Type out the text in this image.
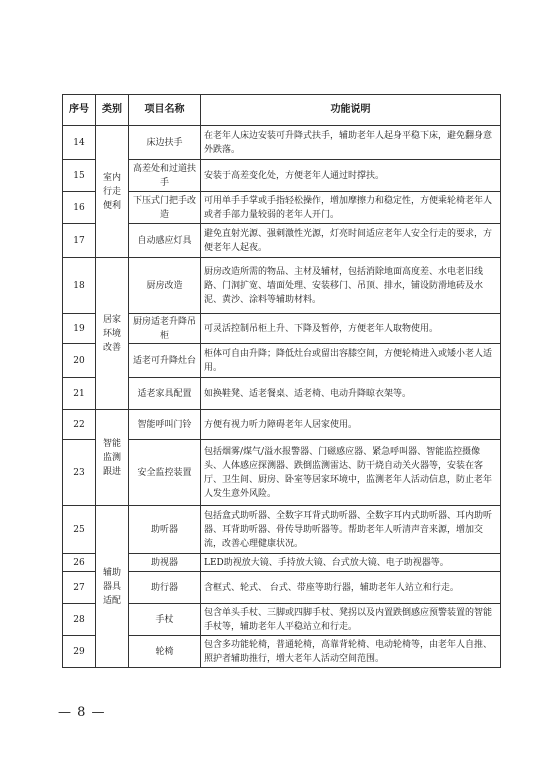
序号	类别	项目名称	功能说明
14	室内行走便利	床边扶手	在老年人床边安装可升降式扶手，辅助老年人起身平稳下床，避免翻身意外跌落。
15		高差处和过道扶手	安装于高差变化处，方便老年人通过时撑扶。
16		下压式门把手改造	可用单手手掌或手指轻松操作，增加摩擦力和稳定性，方便乘轮椅老年人或者手部力量较弱的老年人开门。
17		自动感应灯具	避免直射光源、强刺激性光源，灯亮时间适应老年人安全行走的要求，方便老年人起夜。
18	居家环境改善	厨房改造	厨房改造所需的物品、主材及辅材，包括消除地面高度差、水电老旧线路、门洞扩宽、墙面处理、安装移门、吊顶、排水，铺设防滑地砖及水泥、黄沙、涂料等辅助材料。
19		厨房适老升降吊柜	可灵活控制吊柜上升、下降及暂停，方便老年人取物使用。
20		适老可升降灶台	柜体可自由升降；降低灶台或留出容膝空间，方便轮椅进入或矮小老人适用。
21		适老家具配置	如换鞋凳、适老餐桌、适老椅、电动升降晾衣架等。
22	智能监测跟进	智能呼叫门铃	方便有视力听力障碍老年人居家使用。
23		安全监控装置	包括烟雾/煤气/溢水报警器、门磁感应器、紧急呼叫器、智能监控摄像头、人体感应探测器、跌倒监测雷达、防干烧自动关火器等，安装在客厅、卫生间、厨房、卧室等居家环境中，监测老年人活动信息，防止老年人发生意外风险。
25	辅助器具适配	助听器	包括盒式助听器、全数字耳背式助听器、全数字耳内式助听器、耳内助听器、耳背助听器、骨传导助听器等。帮助老年人听清声音来源，增加交流，改善心理健康状况。
26		助视器	LED助视放大镜、手持放大镜、台式放大镜、电子助视器等。
27		助行器	含框式、轮式、 台式、带座等助行器，辅助老年人站立和行走。
28		手杖	包含单头手杖、三脚或四脚手杖、凳拐以及内置跌倒感应预警装置的智能手杖等，辅助老年人平稳站立和行走。
29		轮椅	包含多功能轮椅，普通轮椅，高靠背轮椅、电动轮椅等，由老年人自推、照护者辅助推行，增大老年人活动空间范围。
— 8 —
